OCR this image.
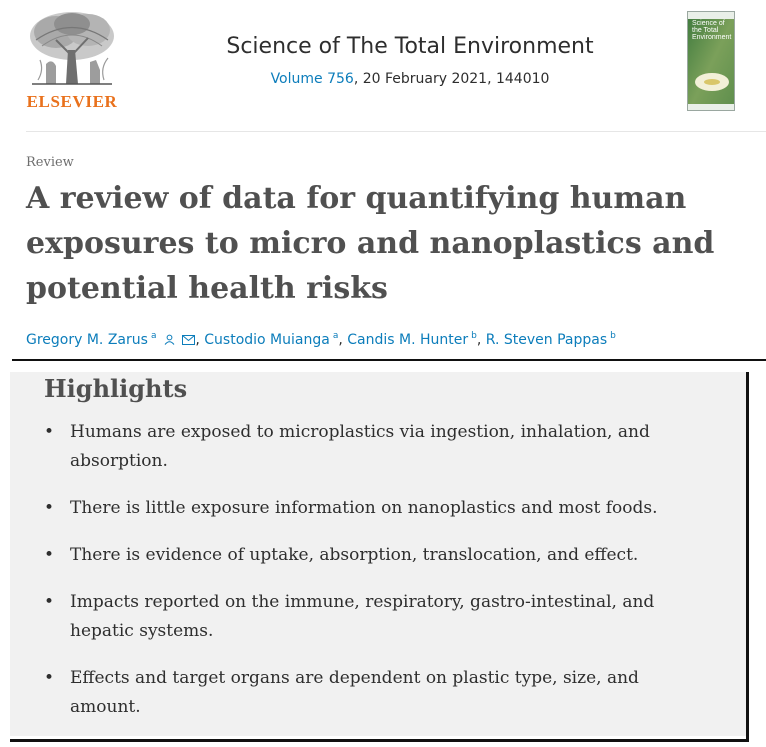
ELSEVIER
Science of The Total Environment
Volume 756, 20 February 2021, 144010
Science of the Total Environment
Review
A review of data for quantifying human exposures to micro and nanoplastics and potential health risks
Gregory M. Zarus $^a$	, Custodio Muianga $^a$, Candis M. Hunter $^b$, R. Steven Pappas $^b$
Highlights
• Humans are exposed to microplastics via ingestion, inhalation, and absorption.
• There is little exposure information on nanoplastics and most foods.
• There is evidence of uptake, absorption, translocation, and effect.
• Impacts reported on the immune, respiratory, gastro-intestinal, and hepatic systems.
• Effects and target organs are dependent on plastic type, size, and amount.
